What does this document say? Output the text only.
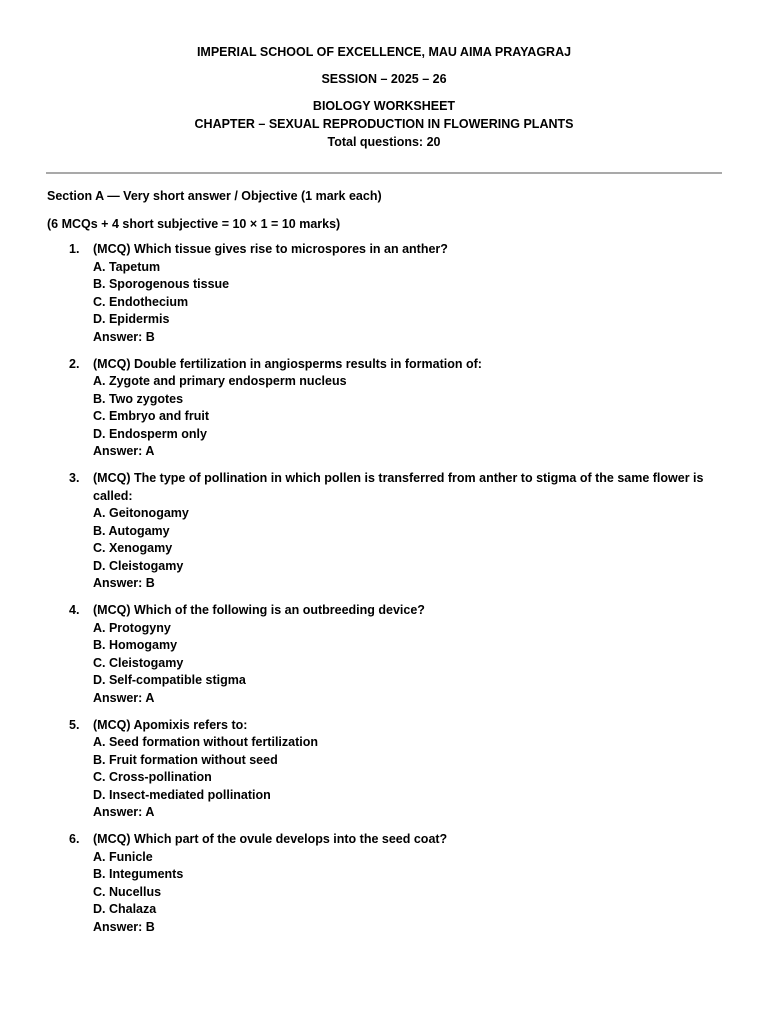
IMPERIAL SCHOOL OF EXCELLENCE, MAU AIMA PRAYAGRAJ
SESSION – 2025 – 26
BIOLOGY WORKSHEET
CHAPTER – SEXUAL REPRODUCTION IN FLOWERING PLANTS
Total questions: 20
Section A — Very short answer / Objective (1 mark each)
(6 MCQs + 4 short subjective = 10 × 1 = 10 marks)
1.	(MCQ) Which tissue gives rise to microspores in an anther?
A. Tapetum
B. Sporogenous tissue
C. Endothecium
D. Epidermis
Answer: B
2.	(MCQ) Double fertilization in angiosperms results in formation of:
A. Zygote and primary endosperm nucleus
B. Two zygotes
C. Embryo and fruit
D. Endosperm only
Answer: A
3.	(MCQ) The type of pollination in which pollen is transferred from anther to stigma of the same flower is called:
A. Geitonogamy
B. Autogamy
C. Xenogamy
D. Cleistogamy
Answer: B
4.	(MCQ) Which of the following is an outbreeding device?
A. Protogyny
B. Homogamy
C. Cleistogamy
D. Self-compatible stigma
Answer: A
5.	(MCQ) Apomixis refers to:
A. Seed formation without fertilization
B. Fruit formation without seed
C. Cross-pollination
D. Insect-mediated pollination
Answer: A
6.	(MCQ) Which part of the ovule develops into the seed coat?
A. Funicle
B. Integuments
C. Nucellus
D. Chalaza
Answer: B
